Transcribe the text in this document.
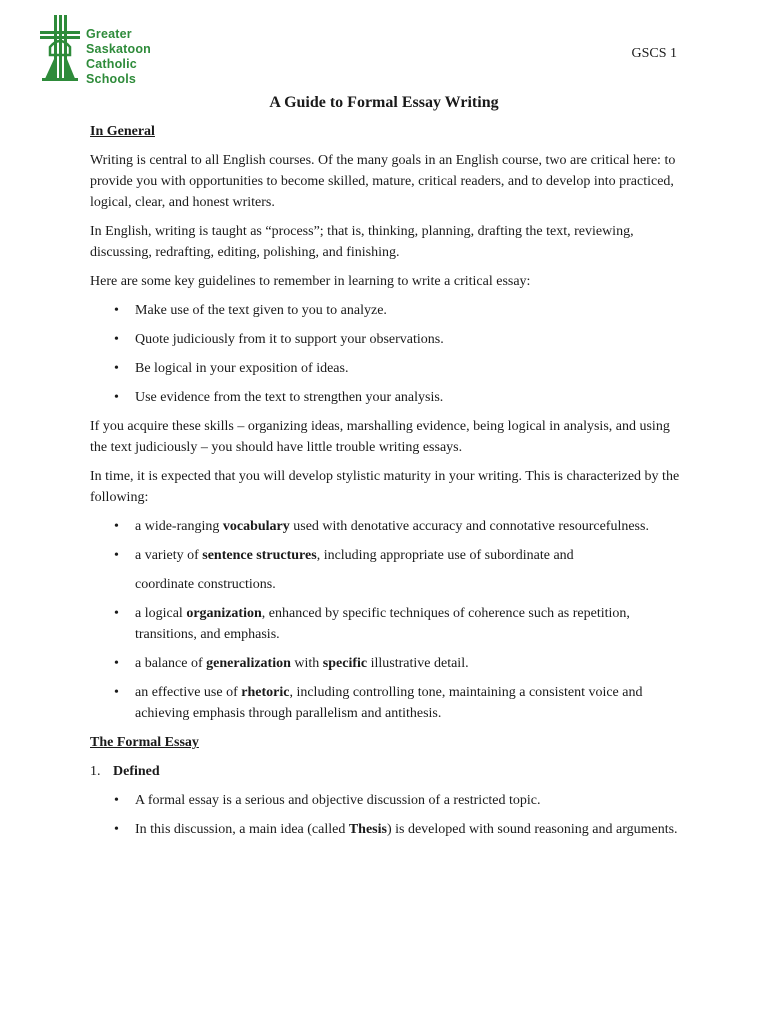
Greater
Saskatoon
Catholic
Schools
GSCS 1
A Guide to Formal Essay Writing
In General

Writing is central to all English courses. Of the many goals in an English course, two are critical here: to provide you with opportunities to become skilled, mature, critical readers, and to develop into practiced, logical, clear, and honest writers.

In English, writing is taught as “process”; that is, thinking, planning, drafting the text, reviewing, discussing, redrafting, editing, polishing, and finishing.

Here are some key guidelines to remember in learning to write a critical essay:

• Make use of the text given to you to analyze.
• Quote judiciously from it to support your observations.
• Be logical in your exposition of ideas.
• Use evidence from the text to strengthen your analysis.

If you acquire these skills – organizing ideas, marshalling evidence, being logical in analysis, and using the text judiciously – you should have little trouble writing essays.

In time, it is expected that you will develop stylistic maturity in your writing. This is characterized by the following:

• a wide-ranging vocabulary used with denotative accuracy and connotative resourcefulness.
• a variety of sentence structures, including appropriate use of subordinate and
coordinate constructions.
• a logical organization, enhanced by specific techniques of coherence such as repetition, transitions, and emphasis.
• a balance of generalization with specific illustrative detail.
• an effective use of rhetoric, including controlling tone, maintaining a consistent voice and achieving emphasis through parallelism and antithesis.
The Formal Essay
1. Defined
• A formal essay is a serious and objective discussion of a restricted topic.
• In this discussion, a main idea (called Thesis) is developed with sound reasoning and arguments.
